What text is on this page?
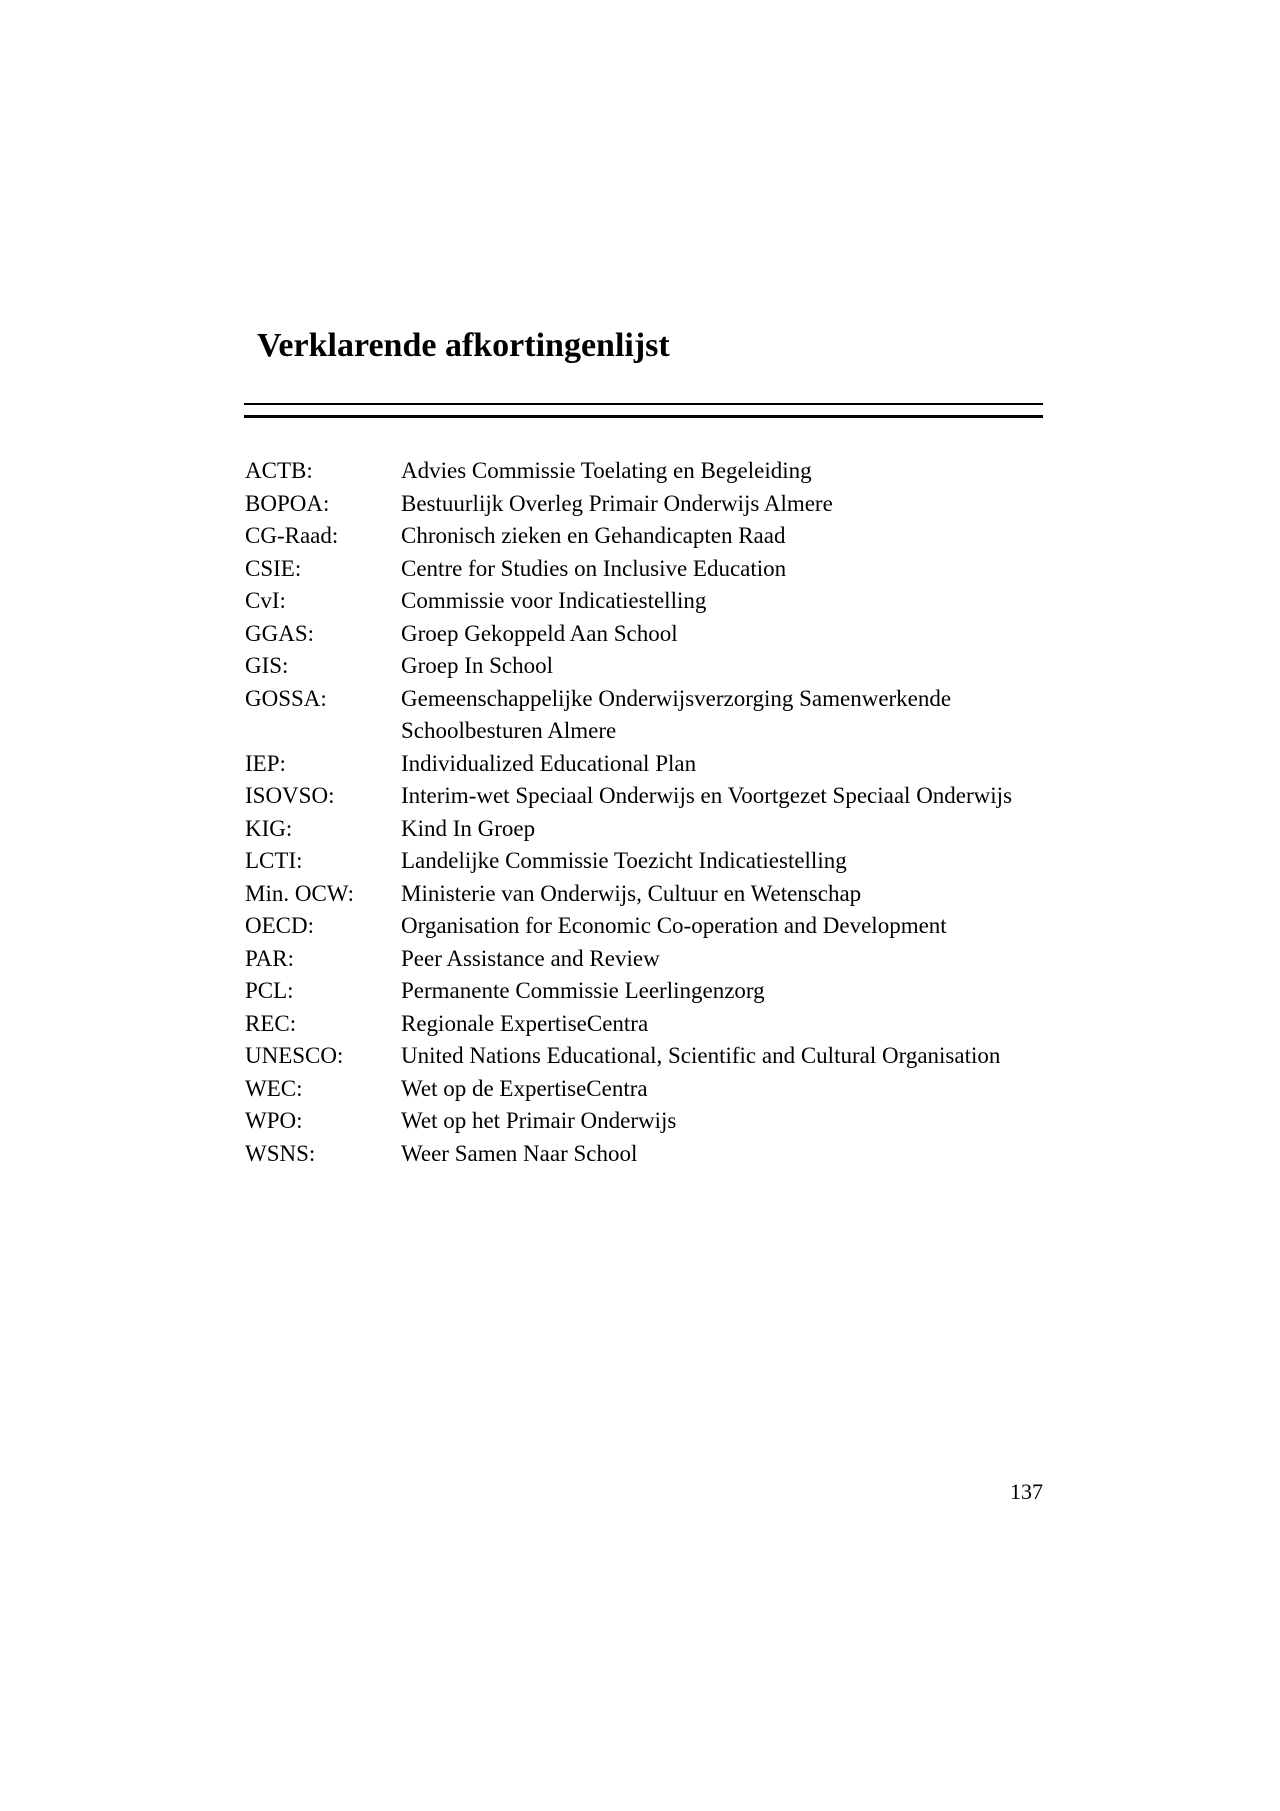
Verklarende afkortingenlijst
ACTB:	Advies Commissie Toelating en Begeleiding
BOPOA:	Bestuurlijk Overleg Primair Onderwijs Almere
CG-Raad:	Chronisch zieken en Gehandicapten Raad
CSIE:	Centre for Studies on Inclusive Education
CvI:	Commissie voor Indicatiestelling
GGAS:	Groep Gekoppeld Aan School
GIS:	Groep In School
GOSSA:	Gemeenschappelijke Onderwijsverzorging Samenwerkende
Schoolbesturen Almere
IEP:	Individualized Educational Plan
ISOVSO:	Interim-wet Speciaal Onderwijs en Voortgezet Speciaal Onderwijs
KIG:	Kind In Groep
LCTI:	Landelijke Commissie Toezicht Indicatiestelling
Min. OCW:	Ministerie van Onderwijs, Cultuur en Wetenschap
OECD:	Organisation for Economic Co-operation and Development
PAR:	Peer Assistance and Review
PCL:	Permanente Commissie Leerlingenzorg
REC:	Regionale ExpertiseCentra
UNESCO:	United Nations Educational, Scientific and Cultural Organisation
WEC:	Wet op de ExpertiseCentra
WPO:	Wet op het Primair Onderwijs
WSNS:	Weer Samen Naar School
137
